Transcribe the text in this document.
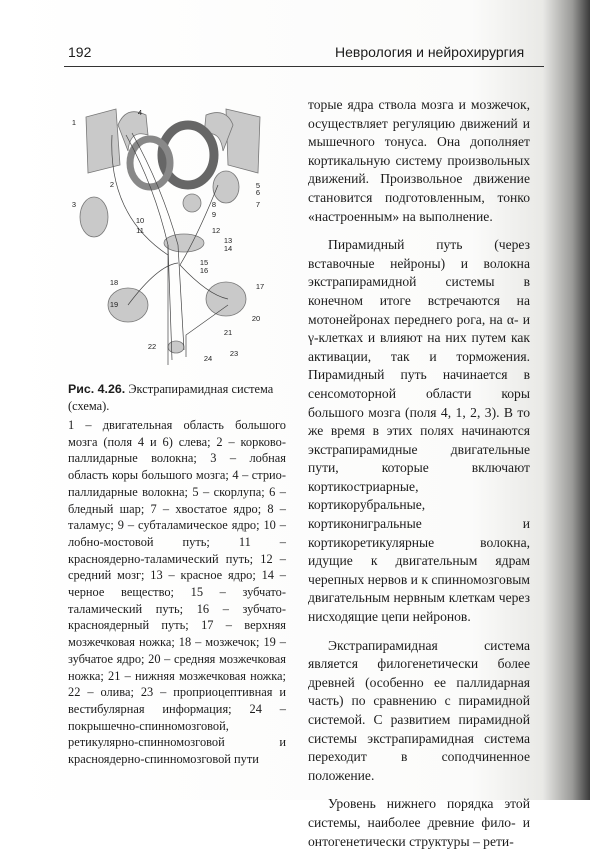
192	Неврология и нейрохирургия
1
2
3
4
5
6
7
8
9
10
11	12
13
14
15
16
17
18
19
20
21
22
23
24
Рис. 4.26. Экстрапирамидная система (схема).
1 – двигательная область большого мозга (поля 4 и 6) слева; 2 – корково-паллидарные волокна; 3 – лобная область коры большого мозга; 4 – стрио-паллидарные волокна; 5 – скорлупа; 6 – бледный шар; 7 – хвостатое ядро; 8 – таламус; 9 – субталамическое ядро; 10 – лобно-мостовой путь; 11 – красноядерно-таламический путь; 12 – средний мозг; 13 – красное ядро; 14 – черное вещество; 15 – зубчато-таламический путь; 16 – зубчато-красноядерный путь; 17 – верхняя мозжечковая ножка; 18 – мозжечок; 19 – зубчатое ядро; 20 – средняя мозжечковая ножка; 21 – нижняя мозжечковая ножка; 22 – олива; 23 – проприоцептивная и вестибулярная информация; 24 – покрышечно-спинномозговой, ретикулярно-спинномозговой и красноядерно-спинномозговой пути

торые ядра ствола мозга и мозжечок, осуществляет регуляцию движений и мышечного тонуса. Она дополняет кортикальную систему произвольных движений. Произвольное движение становится подготовленным, тонко «настроенным» на выполнение.

Пирамидный путь (через вставочные нейроны) и волокна экстрапирамидной системы в конечном итоге встречаются на мотонейронах переднего рога, на α- и γ-клетках и влияют на них путем как активации, так и торможения. Пирамидный путь начинается в сенсомоторной области коры большого мозга (поля 4, 1, 2, 3). В то же время в этих полях начинаются экстрапирамидные двигательные пути, которые включают кортикостриарные, кортикорубральные, кортиконигральные и кортикоретикулярные волокна, идущие к двигательным ядрам черепных нервов и к спинномозговым двигательным нервным клеткам через нисходящие цепи нейронов.

Экстрапирамидная система является филогенетически более древней (особенно ее паллидарная часть) по сравнению с пирамидной системой. С развитием пирамидной системы экстрапирамидная система переходит в соподчиненное положение.

Уровень нижнего порядка этой системы, наиболее древние фило- и онтогенетически структуры – рети-
